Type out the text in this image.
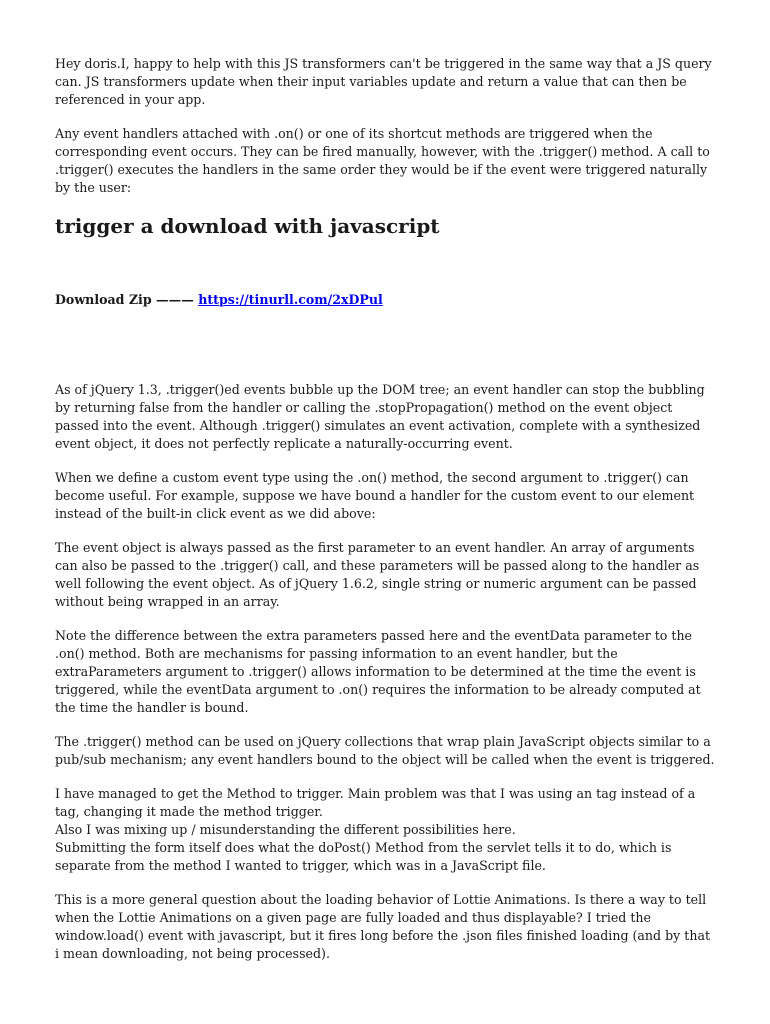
Hey doris.I, happy to help with this JS transformers can't be triggered in the same way that a JS query can. JS transformers update when their input variables update and return a value that can then be referenced in your app.

Any event handlers attached with .on() or one of its shortcut methods are triggered when the corresponding event occurs. They can be fired manually, however, with the .trigger() method. A call to .trigger() executes the handlers in the same order they would be if the event were triggered naturally by the user:

trigger a download with javascript
Download Zip ——— https://tinurll.com/2xDPul

As of jQuery 1.3, .trigger()ed events bubble up the DOM tree; an event handler can stop the bubbling by returning false from the handler or calling the .stopPropagation() method on the event object passed into the event. Although .trigger() simulates an event activation, complete with a synthesized event object, it does not perfectly replicate a naturally-occurring event.

When we define a custom event type using the .on() method, the second argument to .trigger() can become useful. For example, suppose we have bound a handler for the custom event to our element instead of the built-in click event as we did above:

The event object is always passed as the first parameter to an event handler. An array of arguments can also be passed to the .trigger() call, and these parameters will be passed along to the handler as well following the event object. As of jQuery 1.6.2, single string or numeric argument can be passed without being wrapped in an array.

Note the difference between the extra parameters passed here and the eventData parameter to the .on() method. Both are mechanisms for passing information to an event handler, but the extraParameters argument to .trigger() allows information to be determined at the time the event is triggered, while the eventData argument to .on() requires the information to be already computed at the time the handler is bound.

The .trigger() method can be used on jQuery collections that wrap plain JavaScript objects similar to a pub/sub mechanism; any event handlers bound to the object will be called when the event is triggered.

I have managed to get the Method to trigger. Main problem was that I was using an tag instead of a tag, changing it made the method trigger.

Also I was mixing up / misunderstanding the different possibilities here.

Submitting the form itself does what the doPost() Method from the servlet tells it to do, which is separate from the method I wanted to trigger, which was in a JavaScript file.

This is a more general question about the loading behavior of Lottie Animations. Is there a way to tell when the Lottie Animations on a given page are fully loaded and thus displayable? I tried the window.load() event with javascript, but it fires long before the .json files finished loading (and by that i mean downloading, not being processed).
